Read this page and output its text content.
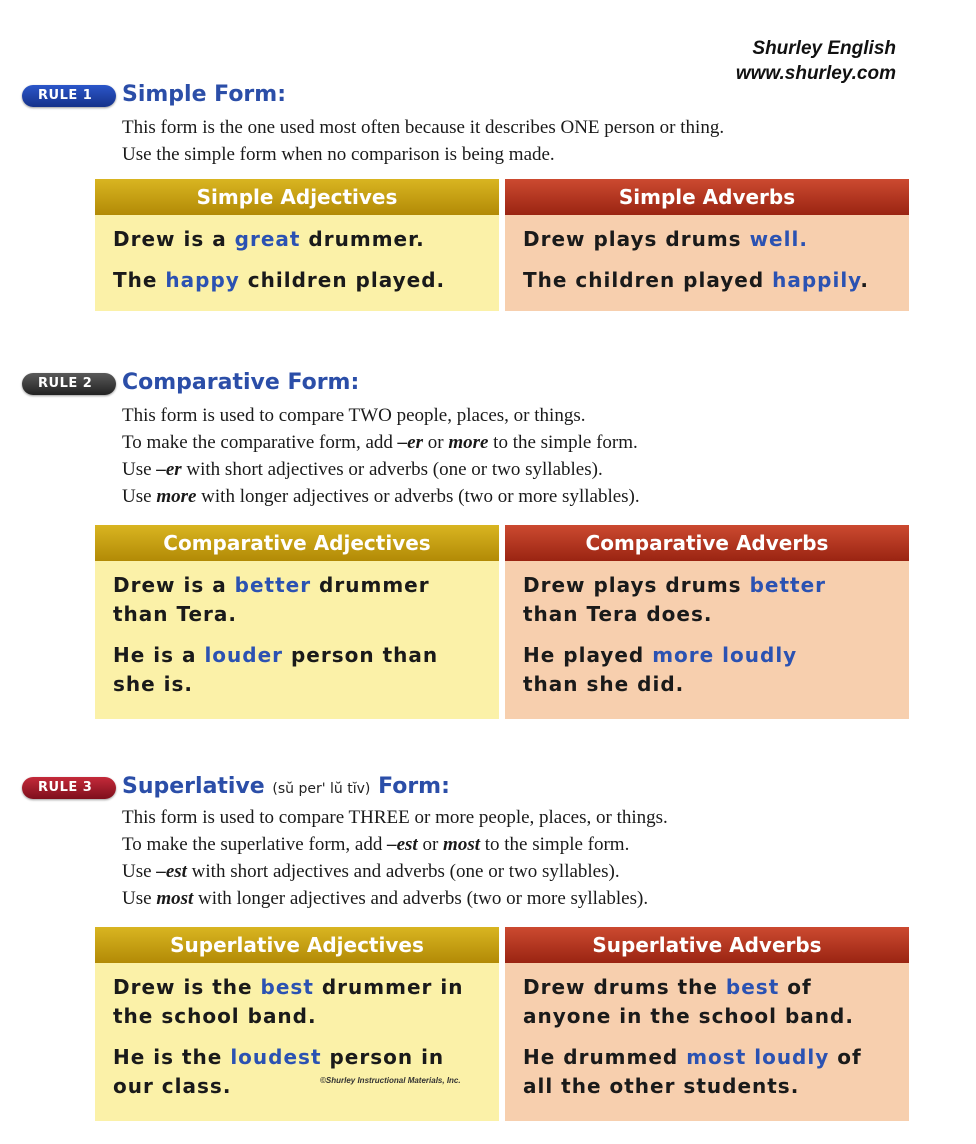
Shurley English
www.shurley.com
RULE 1	Simple Form:

This form is the one used most often because it describes ONE person or thing.

Use the simple form when no comparison is being made.

Simple Adjectives
Drew is a great drummer.
The happy children played.
Simple Adverbs
Drew plays drums well.
The children played happily.
RULE 2	Comparative Form:

This form is used to compare TWO people, places, or things.

To make the comparative form, add –er or more to the simple form.

Use –er with short adjectives or adverbs (one or two syllables).

Use more with longer adjectives or adverbs (two or more syllables).

Comparative Adjectives
Drew is a better drummer
than Tera.
He is a louder person than
she is.
Comparative Adverbs
Drew plays drums better
than Tera does.
He played more loudly
than she did.
RULE 3	Superlative (sŭ per' lŭ tĭv) Form:

This form is used to compare THREE or more people, places, or things.

To make the superlative form, add –est or most to the simple form.

Use –est with short adjectives and adverbs (one or two syllables).

Use most with longer adjectives and adverbs (two or more syllables).

Superlative Adjectives
Drew is the best drummer in
the school band.
He is the loudest person in
our class.
Superlative Adverbs
Drew drums the best of
anyone in the school band.
He drummed most loudly of
all the other students.
©Shurley Instructional Materials, Inc.
